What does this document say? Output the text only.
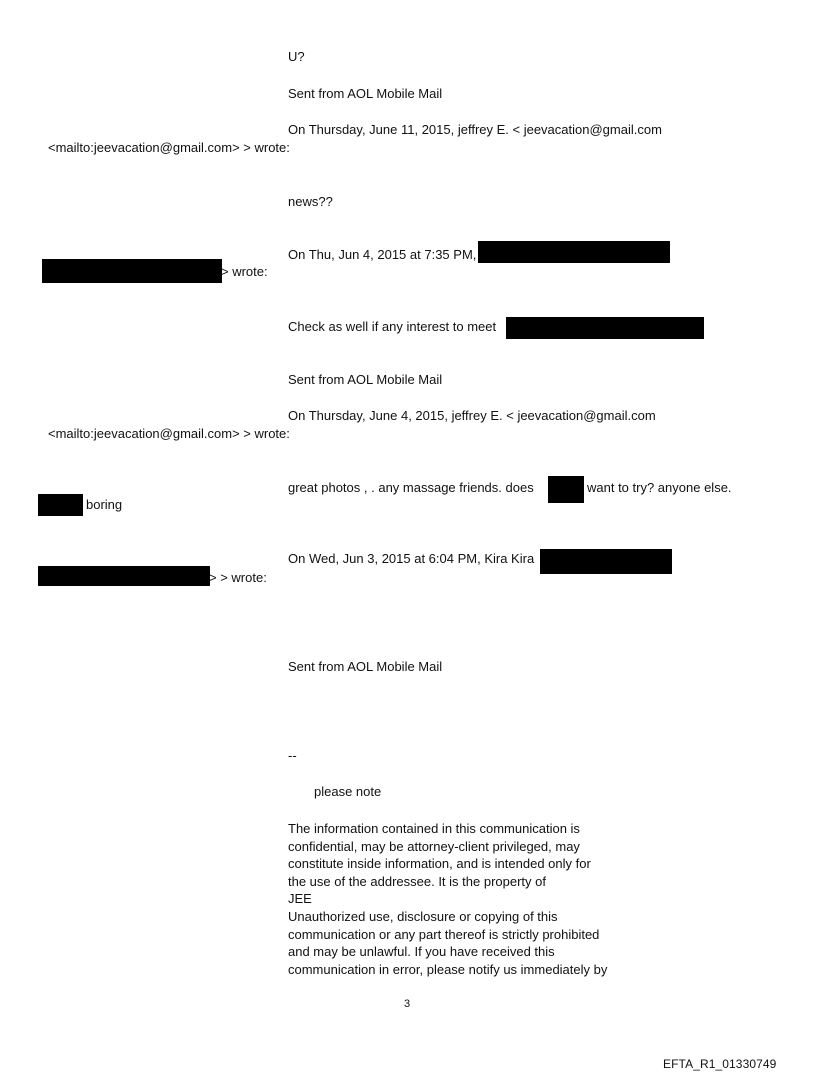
U?
Sent from AOL Mobile Mail
On Thursday, June 11, 2015, jeffrey E. < jeevacation@gmail.com
<mailto:jeevacation@gmail.com> > wrote:
news??
On Thu, Jun 4, 2015 at 7:35 PM,
> wrote:
Check as well if any interest to meet
Sent from AOL Mobile Mail
On Thursday, June 4, 2015, jeffrey E. < jeevacation@gmail.com
<mailto:jeevacation@gmail.com> > wrote:
great photos , . any massage friends. does	want to try? anyone else.
boring
On Wed, Jun 3, 2015 at 6:04 PM, Kira Kira
> > wrote:
Sent from AOL Mobile Mail
--
please note
The information contained in this communication is
confidential, may be attorney-client privileged, may
constitute inside information, and is intended only for
the use of the addressee. It is the property of
JEE
Unauthorized use, disclosure or copying of this
communication or any part thereof is strictly prohibited
and may be unlawful. If you have received this
communication in error, please notify us immediately by
3
EFTA_R1_01330749
